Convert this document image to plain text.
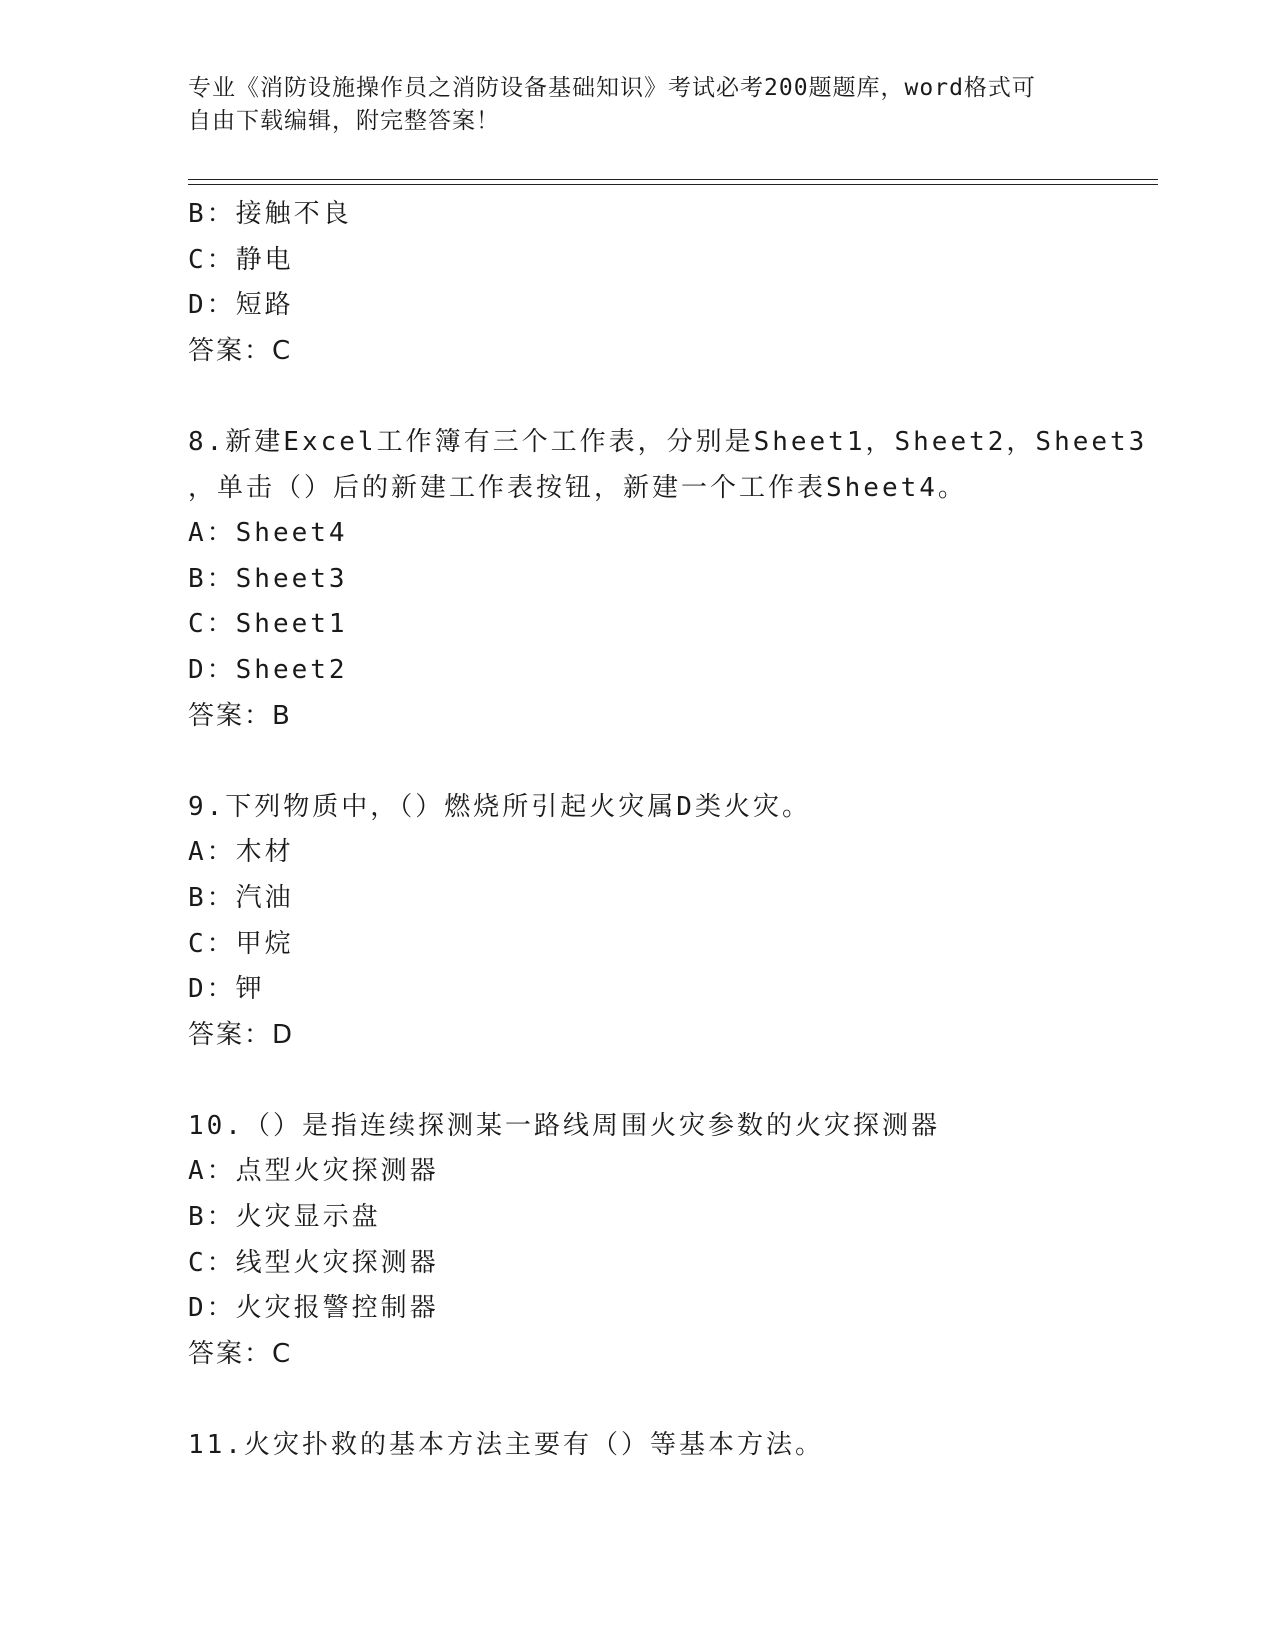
专业《消防设施操作员之消防设备基础知识》考试必考200题题库，word格式可
自由下载编辑，附完整答案！
B：接触不良
C：静电
D：短路
答案：C
8.新建Excel工作簿有三个工作表，分别是Sheet1，Sheet2，Sheet3
，单击（）后的新建工作表按钮，新建一个工作表Sheet4。
A：Sheet4
B：Sheet3
C：Sheet1
D：Sheet2
答案：B
9.下列物质中，（）燃烧所引起火灾属D类火灾。
A：木材
B：汽油
C：甲烷
D：钾
答案：D
10.（）是指连续探测某一路线周围火灾参数的火灾探测器
A：点型火灾探测器
B：火灾显示盘
C：线型火灾探测器
D：火灾报警控制器
答案：C
11.火灾扑救的基本方法主要有（）等基本方法。
